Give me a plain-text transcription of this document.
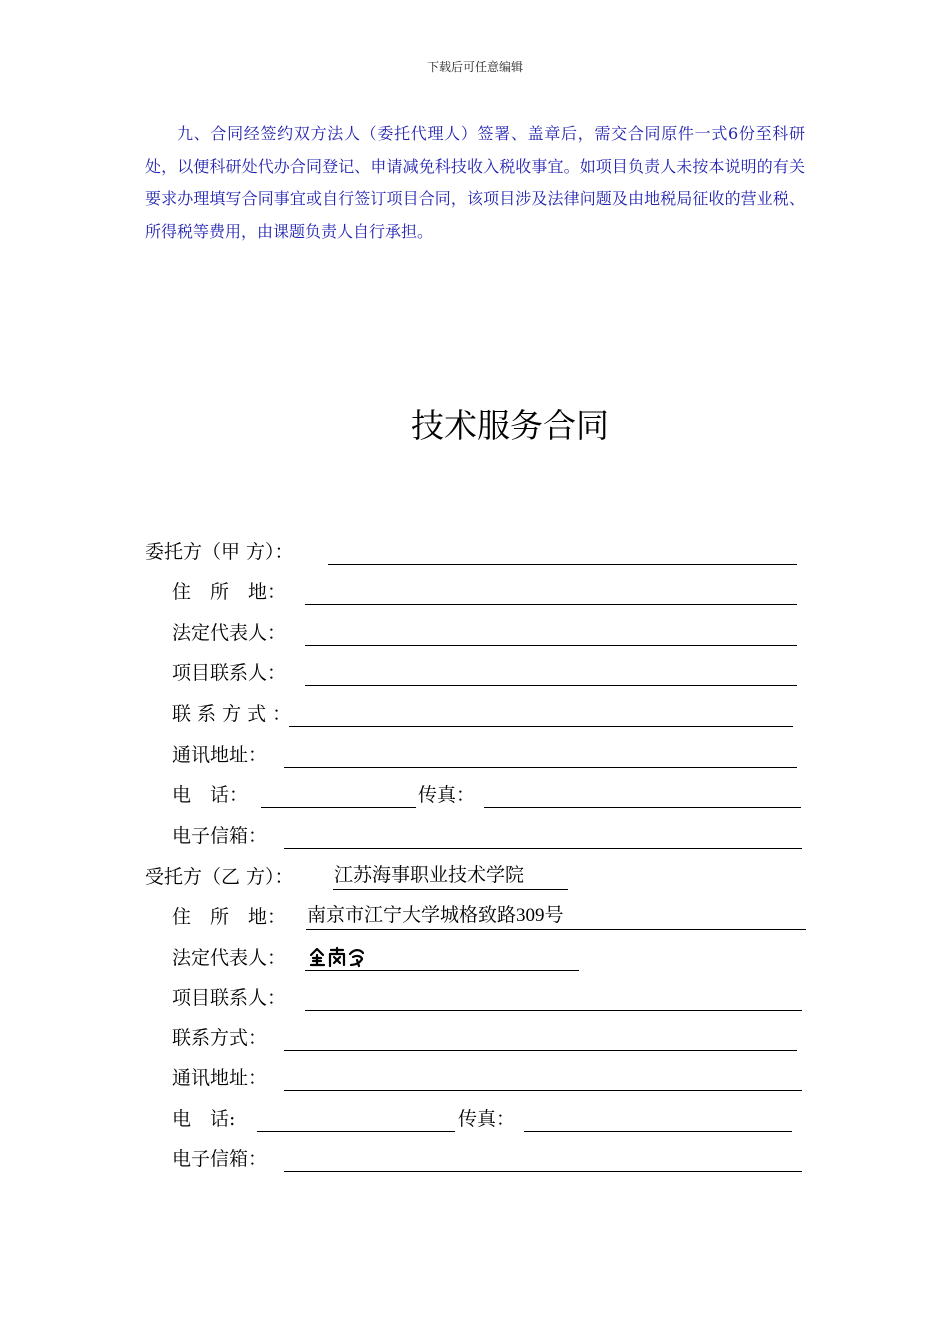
下载后可任意编辑

九、合同经签约双方法人（委托代理人）签署、盖章后，需交合同原件一式6份至科研处，以便科研处代办合同登记、申请减免科技收入税收事宜。如项目负责人未按本说明的有关要求办理填写合同事宜或自行签订项目合同，该项目涉及法律问题及由地税局征收的营业税、所得税等费用，由课题负责人自行承担。

技术服务合同
委托方（甲 方）：
住　所　地：
法定代表人：
项目联系人：
联 系 方 式 ：
通讯地址：
电　话：	传真：
电子信箱：
受托方（乙 方）： 江苏海事职业技术学院
住　所　地： 南京市江宁大学城格致路309号
法定代表人：
项目联系人：
联系方式：
通讯地址：
电　话:	传真：
电子信箱：
